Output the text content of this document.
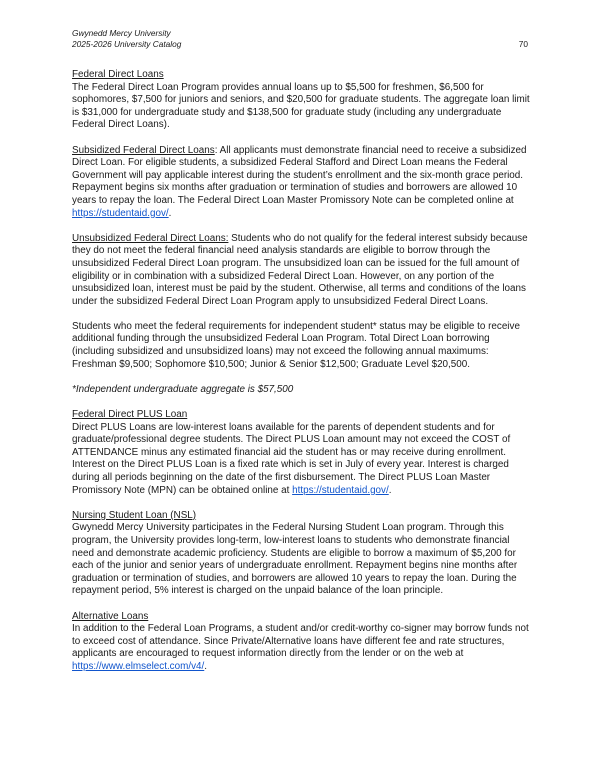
Gwynedd Mercy University
2025-2026 University Catalog	70
Federal Direct Loans
The Federal Direct Loan Program provides annual loans up to $5,500 for freshmen, $6,500 for sophomores, $7,500 for juniors and seniors, and $20,500 for graduate students. The aggregate loan limit is $31,000 for undergraduate study and $138,500 for graduate study (including any undergraduate Federal Direct Loans).
Subsidized Federal Direct Loans: All applicants must demonstrate financial need to receive a subsidized Direct Loan. For eligible students, a subsidized Federal Stafford and Direct Loan means the Federal Government will pay applicable interest during the student’s enrollment and the six-month grace period. Repayment begins six months after graduation or termination of studies and borrowers are allowed 10 years to repay the loan. The Federal Direct Loan Master Promissory Note can be completed online at https://studentaid.gov/.
Unsubsidized Federal Direct Loans: Students who do not qualify for the federal interest subsidy because they do not meet the federal financial need analysis standards are eligible to borrow through the unsubsidized Federal Direct Loan program. The unsubsidized loan can be issued for the full amount of eligibility or in combination with a subsidized Federal Direct Loan. However, on any portion of the unsubsidized loan, interest must be paid by the student. Otherwise, all terms and conditions of the loans under the subsidized Federal Direct Loan Program apply to unsubsidized Federal Direct Loans.
Students who meet the federal requirements for independent student* status may be eligible to receive additional funding through the unsubsidized Federal Loan Program. Total Direct Loan borrowing (including subsidized and unsubsidized loans) may not exceed the following annual maximums: Freshman $9,500; Sophomore $10,500; Junior & Senior $12,500; Graduate Level $20,500.
*Independent undergraduate aggregate is $57,500
Federal Direct PLUS Loan
Direct PLUS Loans are low-interest loans available for the parents of dependent students and for graduate/professional degree students. The Direct PLUS Loan amount may not exceed the COST of ATTENDANCE minus any estimated financial aid the student has or may receive during enrollment. Interest on the Direct PLUS Loan is a fixed rate which is set in July of every year. Interest is charged during all periods beginning on the date of the first disbursement. The Direct PLUS Loan Master Promissory Note (MPN) can be obtained online at https://studentaid.gov/.
Nursing Student Loan (NSL)
Gwynedd Mercy University participates in the Federal Nursing Student Loan program. Through this program, the University provides long-term, low-interest loans to students who demonstrate financial need and demonstrate academic proficiency. Students are eligible to borrow a maximum of $5,200 for each of the junior and senior years of undergraduate enrollment. Repayment begins nine months after graduation or termination of studies, and borrowers are allowed 10 years to repay the loan. During the repayment period, 5% interest is charged on the unpaid balance of the loan principle.
Alternative Loans
In addition to the Federal Loan Programs, a student and/or credit-worthy co-signer may borrow funds not to exceed cost of attendance. Since Private/Alternative loans have different fee and rate structures, applicants are encouraged to request information directly from the lender or on the web at https://www.elmselect.com/v4/.
